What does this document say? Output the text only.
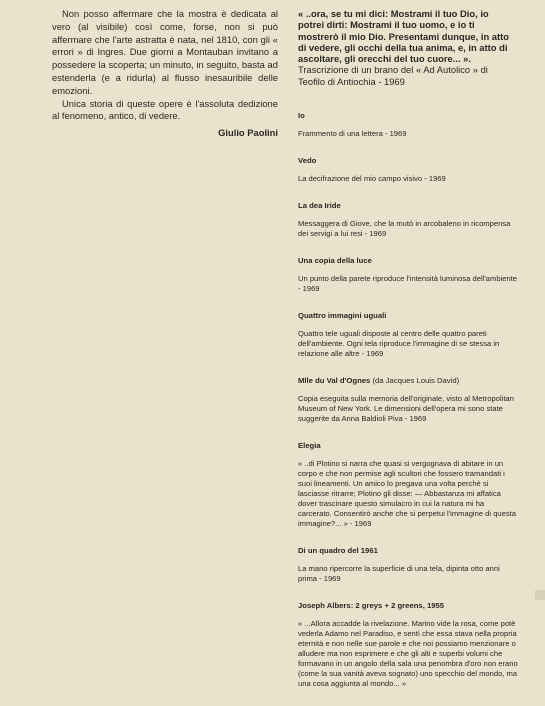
Non posso affermare che la mostra è dedicata al vero (al visibile) così come, forse, non si può affermare che l'arte astratta è nata, nel 1810, con gli « errori » di Ingres. Due giorni a Montauban invitano a possedere la scoperta; un minuto, in seguito, basta ad estenderla (e a ridurla) al flusso inesauribile delle emozioni.

Unica storia di queste opere è l'assoluta dedizione al fenomeno, antico, di vedere.

Giulio Paolini

« ..ora, se tu mi dici: Mostrami il tuo Dio, io potrei dirti: Mostrami il tuo uomo, e io ti mostrerò il mio Dio. Presentami dunque, in atto di vedere, gli occhi della tua anima, e, in atto di ascoltare, gli orecchi del tuo cuore... ».

Trascrizione di un brano del « Ad Autolico » di Teofilo di Antiochia - 1969

Io

Frammento di una lettera - 1969

Vedo

La decifrazione del mio campo visivo - 1969

La dea Iride

Messaggera di Giove, che la mutò in arcobaleno in ricompensa dei servigi a lui resi - 1969

Una copia della luce

Un punto della parete riproduce l'intensità luminosa dell'ambiente - 1969

Quattro immagini uguali

Quattro tele uguali disposte al centro delle quattro pareti dell'ambiente. Ogni tela riproduce l'immagine di se stessa in relazione alle altre - 1969

Mlle du Val d'Ognes (da Jacques Louis David)

Copia eseguita sulla memoria dell'originale, visto al Metropolitan Museum of New York. Le dimensioni dell'opera mi sono state suggerite da Anna Baldioli Piva - 1969

Elegia

« ..di Plotino si narra che quasi si vergognava di abitare in un corpo e che non permise agli scultori che fossero tramandati i suoi lineamenti. Un amico lo pregava una volta perchè si lasciasse ritrarre; Plotino gli disse: — Abbastanza mi affatica dover trascinare questo simulacro in cui la natura mi ha carcerato. Consentirò anche che si perpetui l'immagine di questa immagine?... » - 1969

Di un quadro del 1961

La mano ripercorre la superficie di una tela, dipinta otto anni prima - 1969

Joseph Albers: 2 greys + 2 greens, 1955

« ...Allora accadde la rivelazione. Marino vide la rosa, come potè vederla Adamo nel Paradiso, e sentì che essa stava nella propria eternità e non nelle sue parole e che noi possiamo menzionare o alludere ma non esprimere e che gli alti e superbi volumi che formavano in un angolo della sala una penombra d'oro non erano (come la sua vanità aveva sognato) uno specchio del mondo, ma una cosa aggiunta al mondo... »
